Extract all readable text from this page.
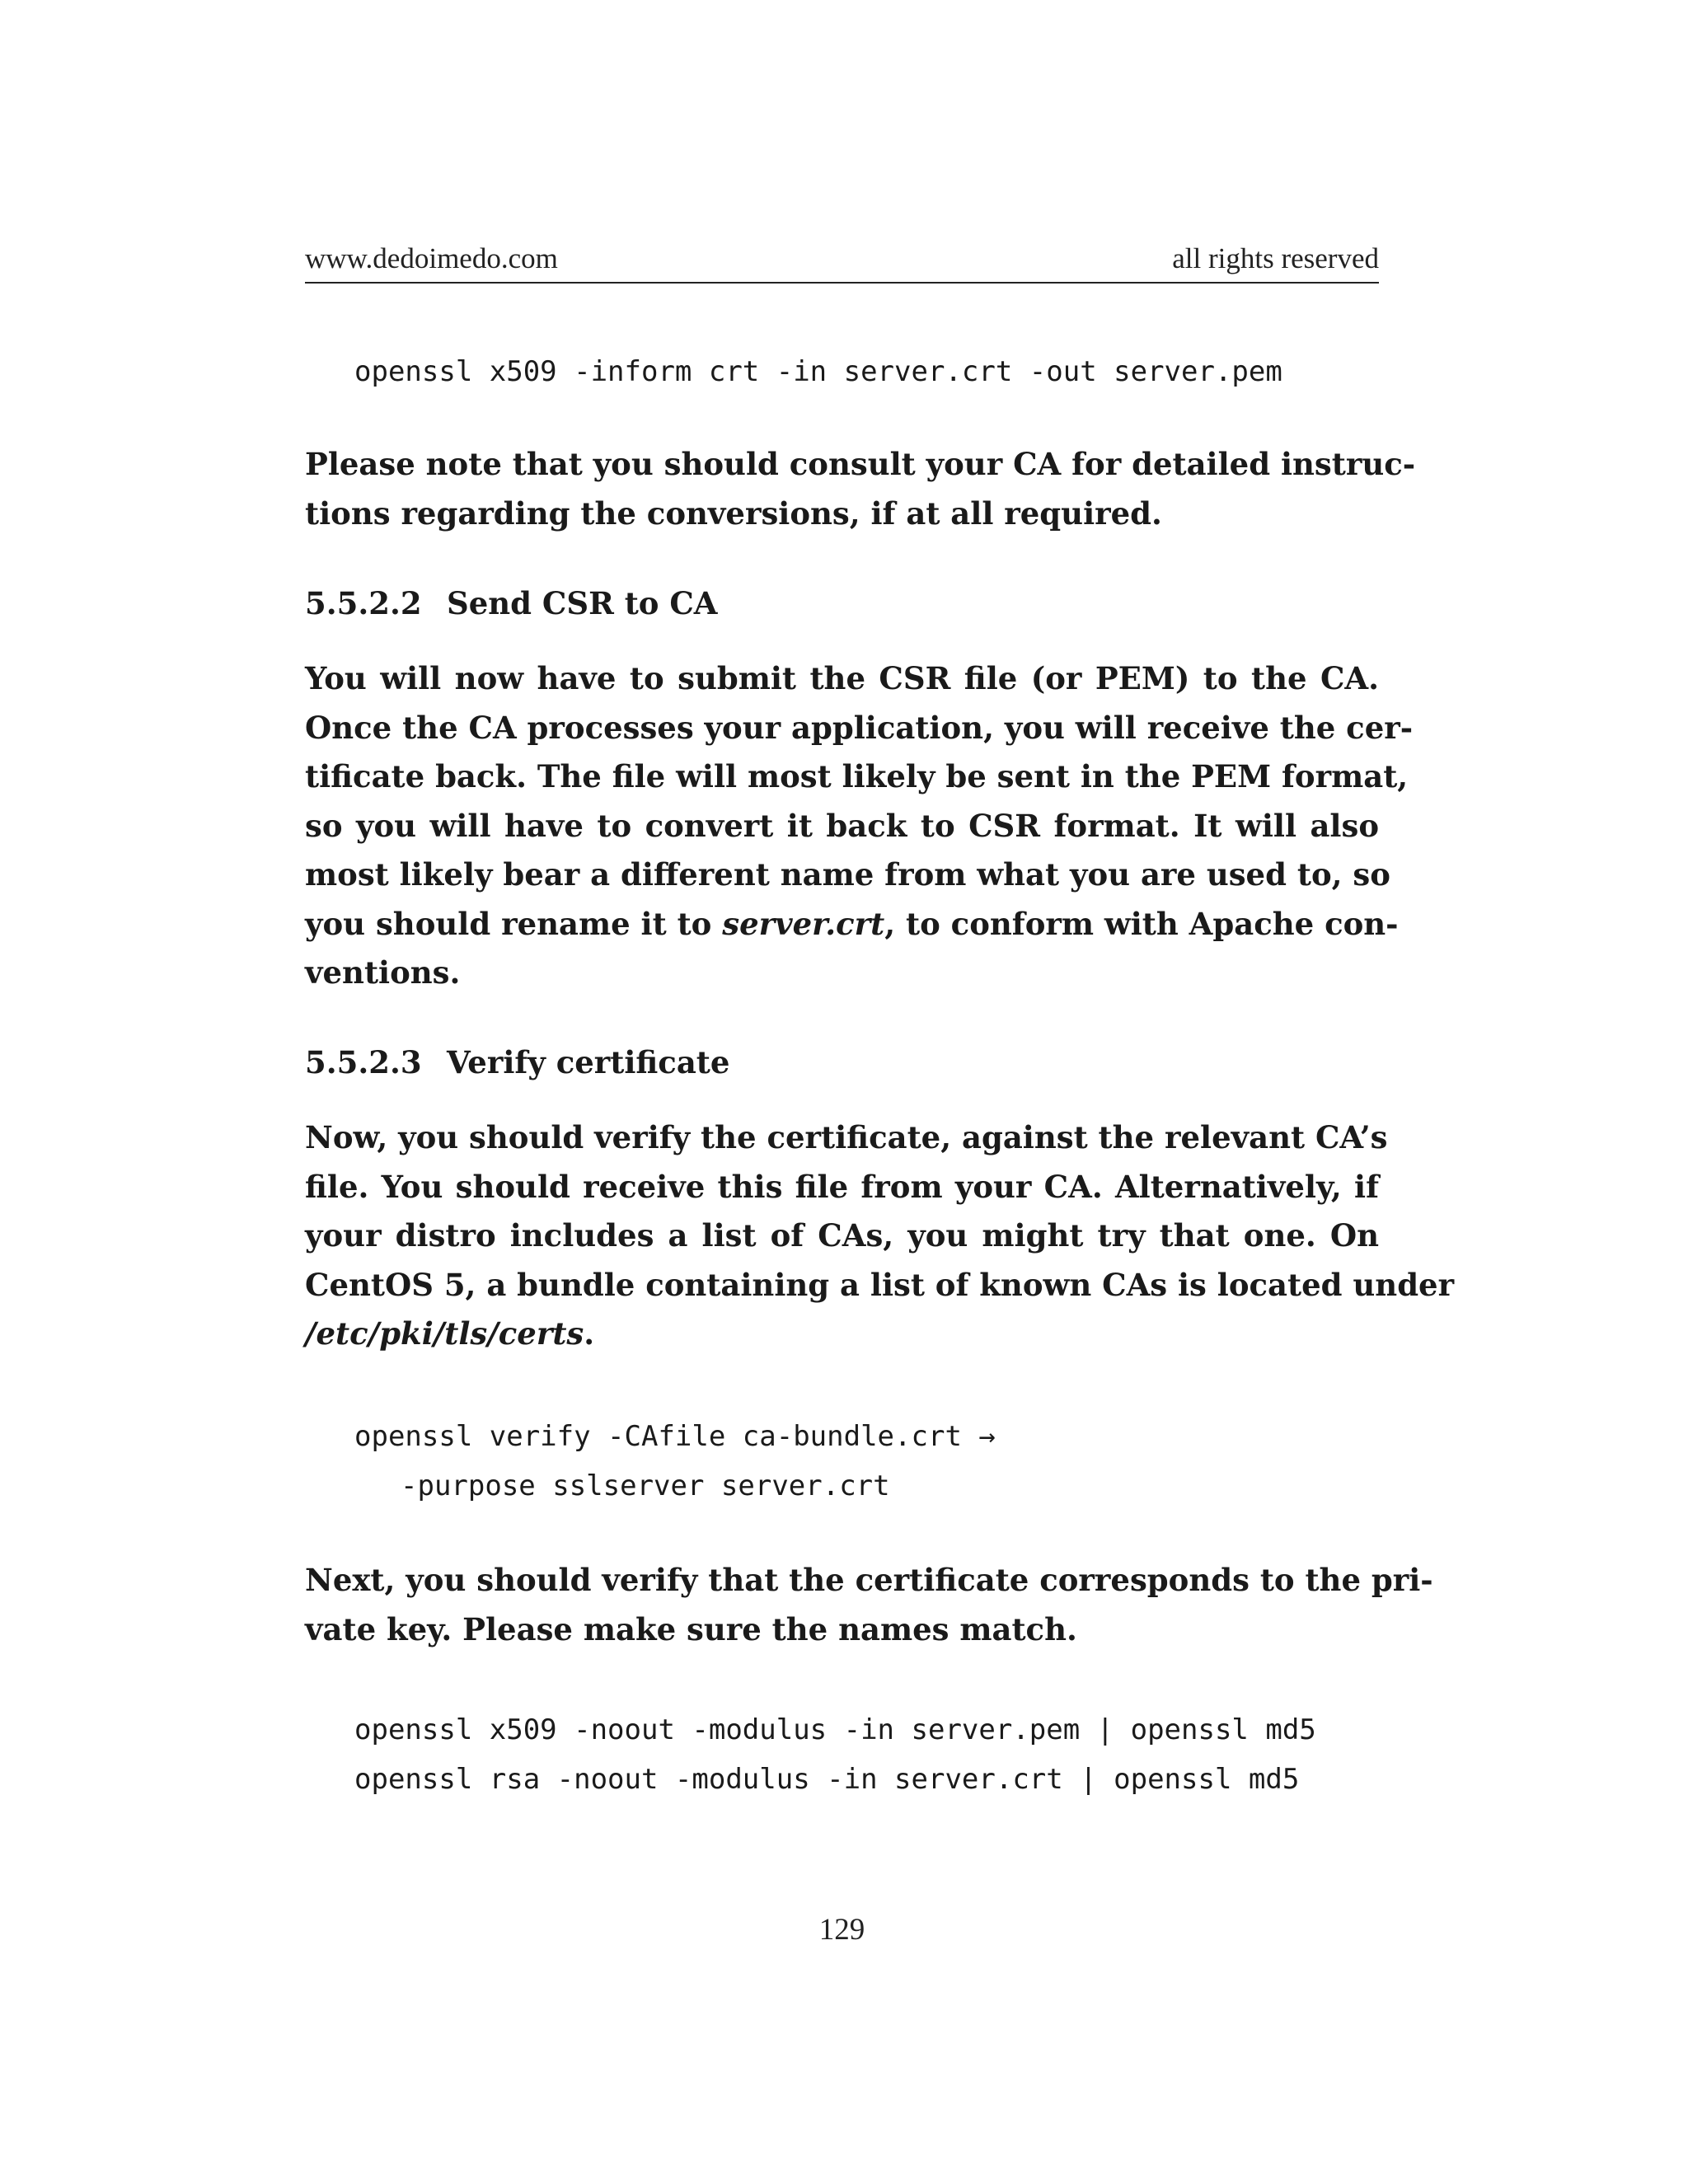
www.dedoimedo.com	all rights reserved
openssl x509 -inform crt -in server.crt -out server.pem
Please note that you should consult your CA for detailed instruc-
tions regarding the conversions, if at all required.
5.5.2.2 Send CSR to CA
You will now have to submit the CSR file (or PEM) to the CA.
Once the CA processes your application, you will receive the cer-
tificate back. The file will most likely be sent in the PEM format,
so you will have to convert it back to CSR format. It will also
most likely bear a different name from what you are used to, so
you should rename it to server.crt, to conform with Apache con-
ventions.
5.5.2.3 Verify certificate
Now, you should verify the certificate, against the relevant CA’s
file. You should receive this file from your CA. Alternatively, if
your distro includes a list of CAs, you might try that one. On
CentOS 5, a bundle containing a list of known CAs is located under
/etc/pki/tls/certs.
openssl verify -CAfile ca-bundle.crt →
-purpose sslserver server.crt
Next, you should verify that the certificate corresponds to the pri-
vate key. Please make sure the names match.
openssl x509 -noout -modulus -in server.pem | openssl md5
openssl rsa -noout -modulus -in server.crt | openssl md5
129
